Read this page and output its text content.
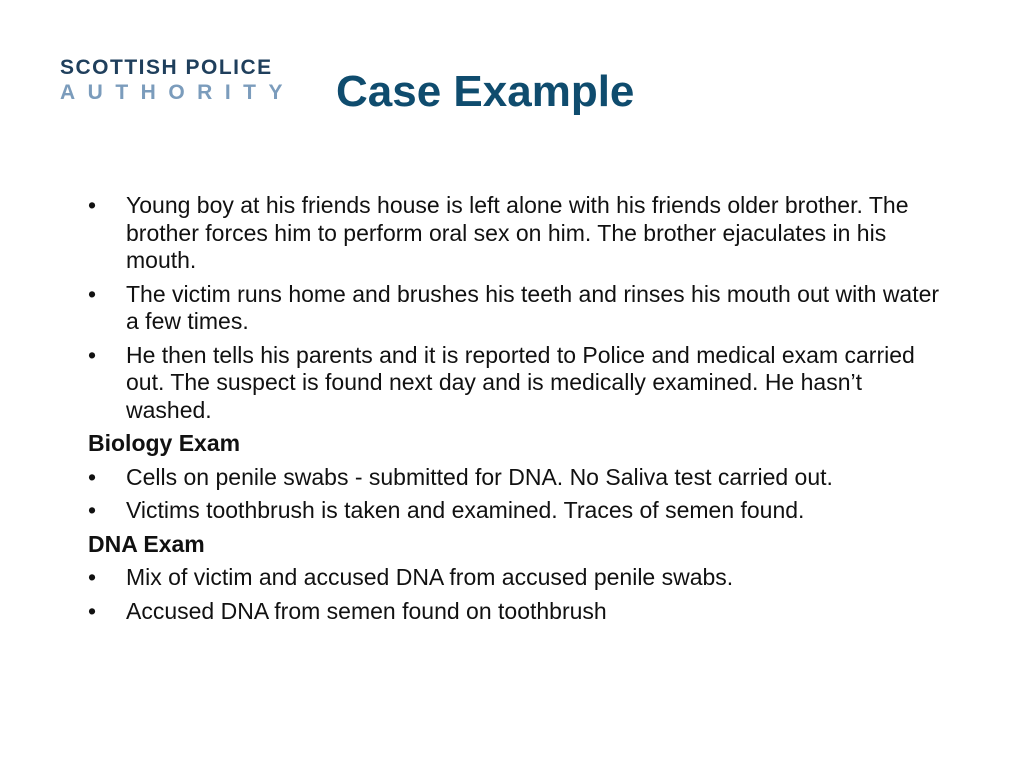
SCOTTISH POLICE
AUTHORITY Case Example
•	Young boy at his friends house is left alone with his friends older brother. The brother forces him to perform oral sex on him. The brother ejaculates in his mouth.
•	The victim runs home and brushes his teeth and rinses his mouth out with water a few times.
•	He then tells his parents and it is reported to Police and medical exam carried out. The suspect is found next day and is medically examined. He hasn’t washed.
Biology Exam
•	Cells on penile swabs - submitted for DNA. No Saliva test carried out.
•	Victims toothbrush is taken and examined. Traces of semen found.
DNA Exam
•	Mix of victim and accused DNA from accused penile swabs.
•	Accused DNA from semen found on toothbrush
